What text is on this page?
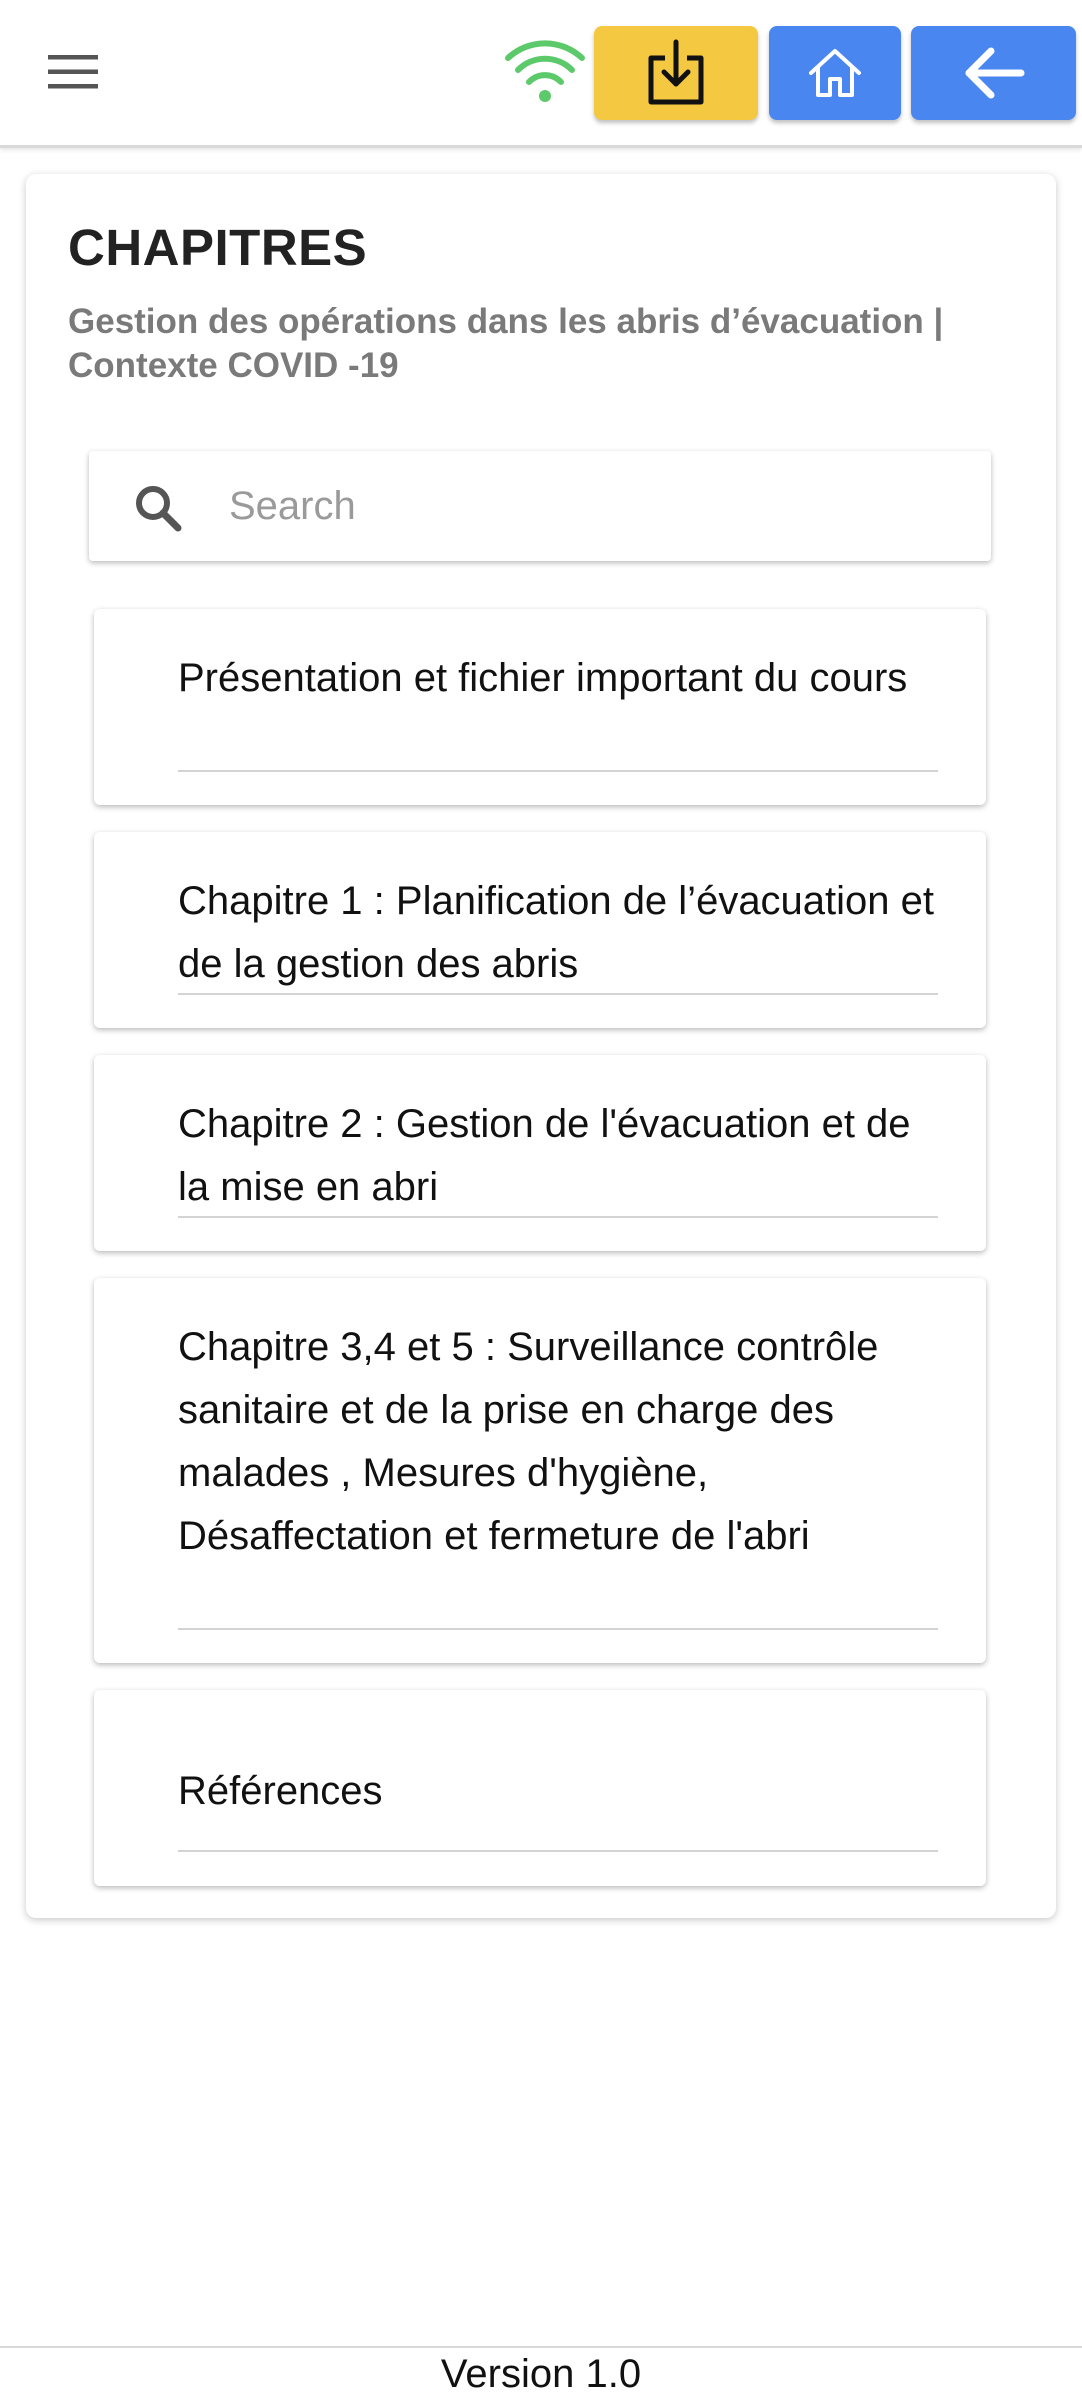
CHAPITRES
Gestion des opérations dans les abris d’évacuation | Contexte COVID -19
Search
Présentation et fichier important du cours
Chapitre 1 : Planification de l’évacuation et de la gestion des abris
Chapitre 2 : Gestion de l'évacuation et de la mise en abri
Chapitre 3,4 et 5 : Surveillance contrôle sanitaire et de la prise en charge des malades , Mesures d'hygiène, Désaffectation et fermeture de l'abri
Références
Version 1.0
